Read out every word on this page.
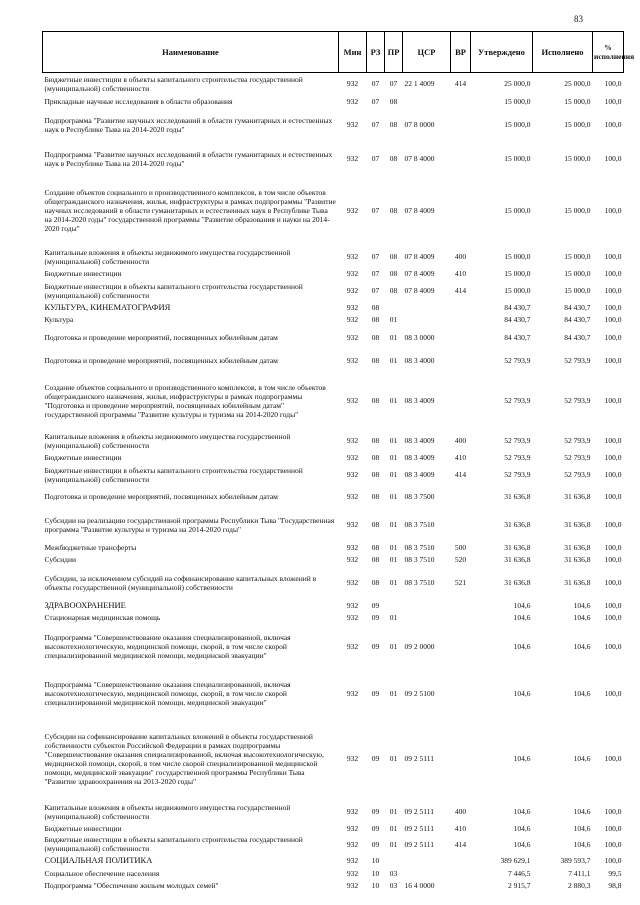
83
Наименование	Мин	РЗ	ПР	ЦСР	ВР	Утверждено	Исполнено	% исполнения
Бюджетные инвестиции в объекты капитального строительства государственной (муниципальной) собственности	932	07	07	22 1 4009	414	25 000,0	25 000,0	100,0
Прикладные научные исследования в области образования	932	07	08			15 000,0	15 000,0	100,0
Подпрограмма "Развитие научных исследований в области гуманитарных и естественных наук в Республике Тыва на 2014-2020 годы"	932	07	08	07 8 0000		15 000,0	15 000,0	100,0
Подпрограмма "Развитие научных исследований в области гуманитарных и естественных наук в Республике Тыва на 2014-2020 годы"	932	07	08	07 8 4000		15 000,0	15 000,0	100,0
Создание объектов социального и производственного комплексов, в том числе объектов общегражданского назначения, жилья, инфраструктуры в рамках подпрограммы "Развитие научных исследований в области гуманитарных и естественных наук в Республике Тыва на 2014-2020 годы" государственной программы "Развитие образования и науки на 2014-2020 годы"	932	07	08	07 8 4009		15 000,0	15 000,0	100,0
Капитальные вложения в объекты недвижимого имущества государственной (муниципальной) собственности	932	07	08	07 8 4009	400	15 000,0	15 000,0	100,0
Бюджетные инвестиции	932	07	08	07 8 4009	410	15 000,0	15 000,0	100,0
Бюджетные инвестиции в объекты капитального строительства государственной (муниципальной) собственности	932	07	08	07 8 4009	414	15 000,0	15 000,0	100,0
КУЛЬТУРА, КИНЕМАТОГРАФИЯ	932	08				84 430,7	84 430,7	100,0
Культура	932	08	01			84 430,7	84 430,7	100,0
Подготовка и проведение мероприятий, посвященных юбилейным датам	932	08	01	08 3 0000		84 430,7	84 430,7	100,0
Подготовка и проведение мероприятий, посвященных юбилейным датам	932	08	01	08 3 4000		52 793,9	52 793,9	100,0
Создание объектов социального и производственного комплексов, в том числе объектов общегражданского назначения, жилья, инфраструктуры в рамках подпрограммы "Подготовка и проведение мероприятий, посвященных юбилейным датам" государственной программы "Развитие культуры и туризма на 2014-2020 годы"	932	08	01	08 3 4009		52 793,9	52 793,9	100,0
Капитальные вложения в объекты недвижимого имущества государственной (муниципальной) собственности	932	08	01	08 3 4009	400	52 793,9	52 793,9	100,0
Бюджетные инвестиции	932	08	01	08 3 4009	410	52 793,9	52 793,9	100,0
Бюджетные инвестиции в объекты капитального строительства государственной (муниципальной) собственности	932	08	01	08 3 4009	414	52 793,9	52 793,9	100,0
Подготовка и проведение мероприятий, посвященных юбилейным датам	932	08	01	08 3 7500		31 636,8	31 636,8	100,0
Субсидии на реализацию государственной программы Республики Тыва "Государственная программа "Развитие культуры и туризма на 2014-2020 годы"	932	08	01	08 3 7510		31 636,8	31 636,8	100,0
Межбюджетные трансферты	932	08	01	08 3 7510	500	31 636,8	31 636,8	100,0
Субсидии	932	08	01	08 3 7510	520	31 636,8	31 636,8	100,0
Субсидии, за исключением субсидий на софинансирование капитальных вложений в объекты государственной (муниципальной) собственности	932	08	01	08 3 7510	521	31 636,8	31 636,8	100,0
ЗДРАВООХРАНЕНИЕ	932	09				104,6	104,6	100,0
Стационарная медицинская помощь	932	09	01			104,6	104,6	100,0
Подпрограмма "Совершенствование оказания специализированной, включая высокотехнологическую, медицинской помощи, скорой, в том числе скорой специализированной медицинской помощи, медицинской эвакуации"	932	09	01	09 2 0000		104,6	104,6	100,0
Подпрограмма "Совершенствование оказания специализированной, включая высокотехнологическую, медицинской помощи, скорой, в том числе скорой специализированной медицинской помощи, медицинской эвакуации"	932	09	01	09 2 5100		104,6	104,6	100,0
Субсидии на софинансирование капитальных вложений в объекты государственной собственности субъектов Российской Федерации в рамках подпрограммы "Совершенствование оказания специализированной, включая высокотехнологическую, медицинской помощи, скорой, в том числе скорой специализированной медицинской помощи, медицинской эвакуации" государственной программы Республики Тыва "Развитие здравоохранения на 2013-2020 годы"	932	09	01	09 2 5111		104,6	104,6	100,0
Капитальные вложения в объекты недвижимого имущества государственной (муниципальной) собственности	932	09	01	09 2 5111	400	104,6	104,6	100,0
Бюджетные инвестиции	932	09	01	09 2 5111	410	104,6	104,6	100,0
Бюджетные инвестиции в объекты капитального строительства государственной (муниципальной) собственности	932	09	01	09 2 5111	414	104,6	104,6	100,0
СОЦИАЛЬНАЯ ПОЛИТИКА	932	10				389 629,1	389 593,7	100,0
Социальное обеспечение населения	932	10	03			7 446,5	7 411,1	99,5
Подпрограмма "Обеспечение жильем молодых семей"	932	10	03	16 4 0000		2 915,7	2 880,3	98,8
